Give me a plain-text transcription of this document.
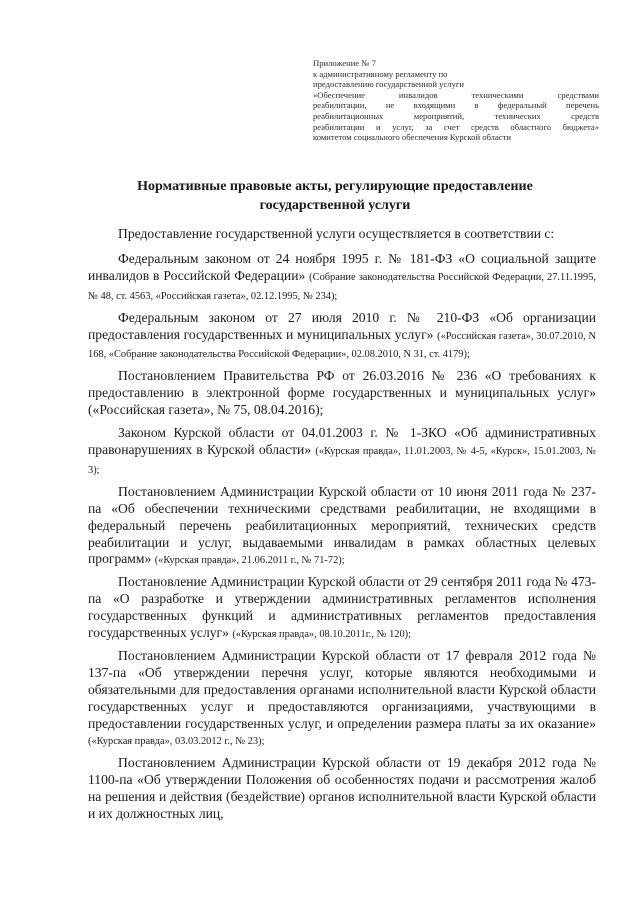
Приложение № 7
к административному регламенту по
предоставлению государственной услуги
«Обеспечение инвалидов техническими средствами
реабилитации, не входящими в федеральный перечень
реабилитационных мероприятий, технических средств
реабилитации и услуг, за счет средств областного бюджета»
комитетом социального обеспечения Курской области
Нормативные правовые акты, регулирующие предоставление
государственной услуги

Предоставление государственной услуги осуществляется в соответствии с:

Федеральным законом от 24 ноября 1995 г. № 181-ФЗ «О социальной защите инвалидов в Российской Федерации» (Собрание законодательства Российской Федерации, 27.11.1995, № 48, ст. 4563, «Российская газета», 02.12.1995, № 234);

Федеральным законом от 27 июля 2010 г. № 210-ФЗ «Об организации предоставления государственных и муниципальных услуг» («Российская газета», 30.07.2010, N 168, «Собрание законодательства Российской Федерации», 02.08.2010, N 31, ст. 4179);

Постановлением Правительства РФ от 26.03.2016 № 236 «О требованиях к предоставлению в электронной форме государственных и муниципальных услуг» («Российская газета», № 75, 08.04.2016);

Законом Курской области от 04.01.2003 г. № 1-ЗКО «Об административных правонарушениях в Курской области» («Курская правда», 11.01.2003, № 4-5, «Курск», 15.01.2003, № 3);

Постановлением Администрации Курской области от 10 июня 2011 года № 237-па «Об обеспечении техническими средствами реабилитации, не входящими в федеральный перечень реабилитационных мероприятий, технических средств реабилитации и услуг, выдаваемыми инвалидам в рамках областных целевых программ» («Курская правда», 21.06.2011 г., № 71-72);

Постановление Администрации Курской области от 29 сентября 2011 года № 473-па «О разработке и утверждении административных регламентов исполнения государственных функций и административных регламентов предоставления государственных услуг» («Курская правда», 08.10.2011г., № 120);

Постановлением Администрации Курской области от 17 февраля 2012 года № 137-па «Об утверждении перечня услуг, которые являются необходимыми и обязательными для предоставления органами исполнительной власти Курской области государственных услуг и предоставляются организациями, участвующими в предоставлении государственных услуг, и определении размера платы за их оказание» («Курская правда», 03.03.2012 г., № 23);

Постановлением Администрации Курской области от 19 декабря 2012 года № 1100-па «Об утверждении Положения об особенностях подачи и рассмотрения жалоб на решения и действия (бездействие) органов исполнительной власти Курской области и их должностных лиц,
